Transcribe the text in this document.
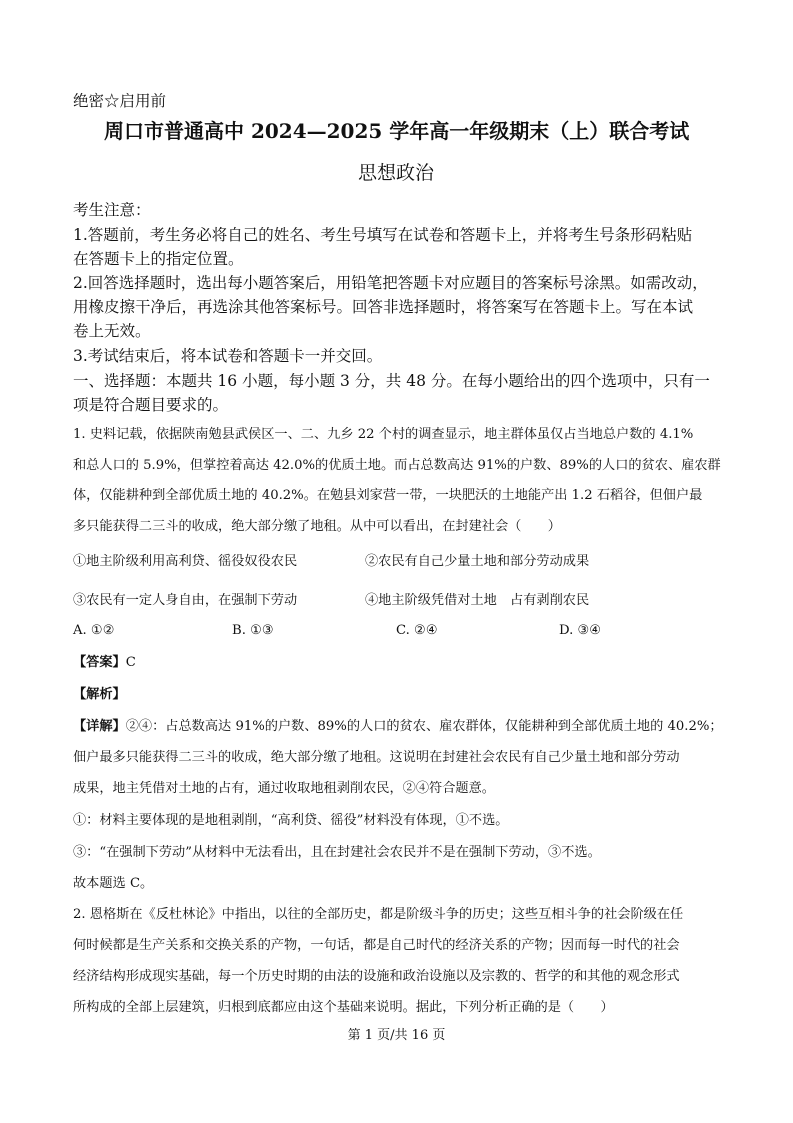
绝密☆启用前
周口市普通高中 2024—2025 学年高一年级期末（上）联合考试
思想政治
考生注意：
1.答题前，考生务必将自己的姓名、考生号填写在试卷和答题卡上，并将考生号条形码粘贴
在答题卡上的指定位置。
2.回答选择题时，选出每小题答案后，用铅笔把答题卡对应题目的答案标号涂黑。如需改动，
用橡皮擦干净后，再选涂其他答案标号。回答非选择题时，将答案写在答题卡上。写在本试
卷上无效。
3.考试结束后，将本试卷和答题卡一并交回。
一、选择题：本题共 16 小题，每小题 3 分，共 48 分。在每小题给出的四个选项中，只有一
项是符合题目要求的。
1. 史料记载，依据陕南勉县武侯区一、二、九乡 22 个村的调查显示，地主群体虽仅占当地总户数的 4.1%
和总人口的 5.9%，但掌控着高达 42.0%的优质土地。而占总数高达 91%的户数、89%的人口的贫农、雇农群
体，仅能耕种到全部优质土地的 40.2%。在勉县刘家营一带，一块肥沃的土地能产出 1.2 石稻谷，但佃户最
多只能获得二三斗的收成，绝大部分缴了地租。从中可以看出，在封建社会（　　）
①地主阶级利用高利贷、徭役奴役农民	②农民有自己少量土地和部分劳动成果
③农民有一定人身自由，在强制下劳动	④地主阶级凭借对土地　占有剥削农民
A. ①②	B. ①③	C. ②④	D. ③④
【答案】C
【解析】
【详解】②④：占总数高达 91%的户数、89%的人口的贫农、雇农群体，仅能耕种到全部优质土地的 40.2%；
佃户最多只能获得二三斗的收成，绝大部分缴了地租。这说明在封建社会农民有自己少量土地和部分劳动
成果，地主凭借对土地的占有，通过收取地租剥削农民，②④符合题意。
①：材料主要体现的是地租剥削，“高利贷、徭役”材料没有体现，①不选。
③：“在强制下劳动”从材料中无法看出，且在封建社会农民并不是在强制下劳动，③不选。
故本题选 C。
2. 恩格斯在《反杜林论》中指出，以往的全部历史，都是阶级斗争的历史；这些互相斗争的社会阶级在任
何时候都是生产关系和交换关系的产物，一句话，都是自己时代的经济关系的产物；因而每一时代的社会
经济结构形成现实基础，每一个历史时期的由法的设施和政治设施以及宗教的、哲学的和其他的观念形式
所构成的全部上层建筑，归根到底都应由这个基础来说明。据此，下列分析正确的是（　　）
第 1 页/共 16 页
